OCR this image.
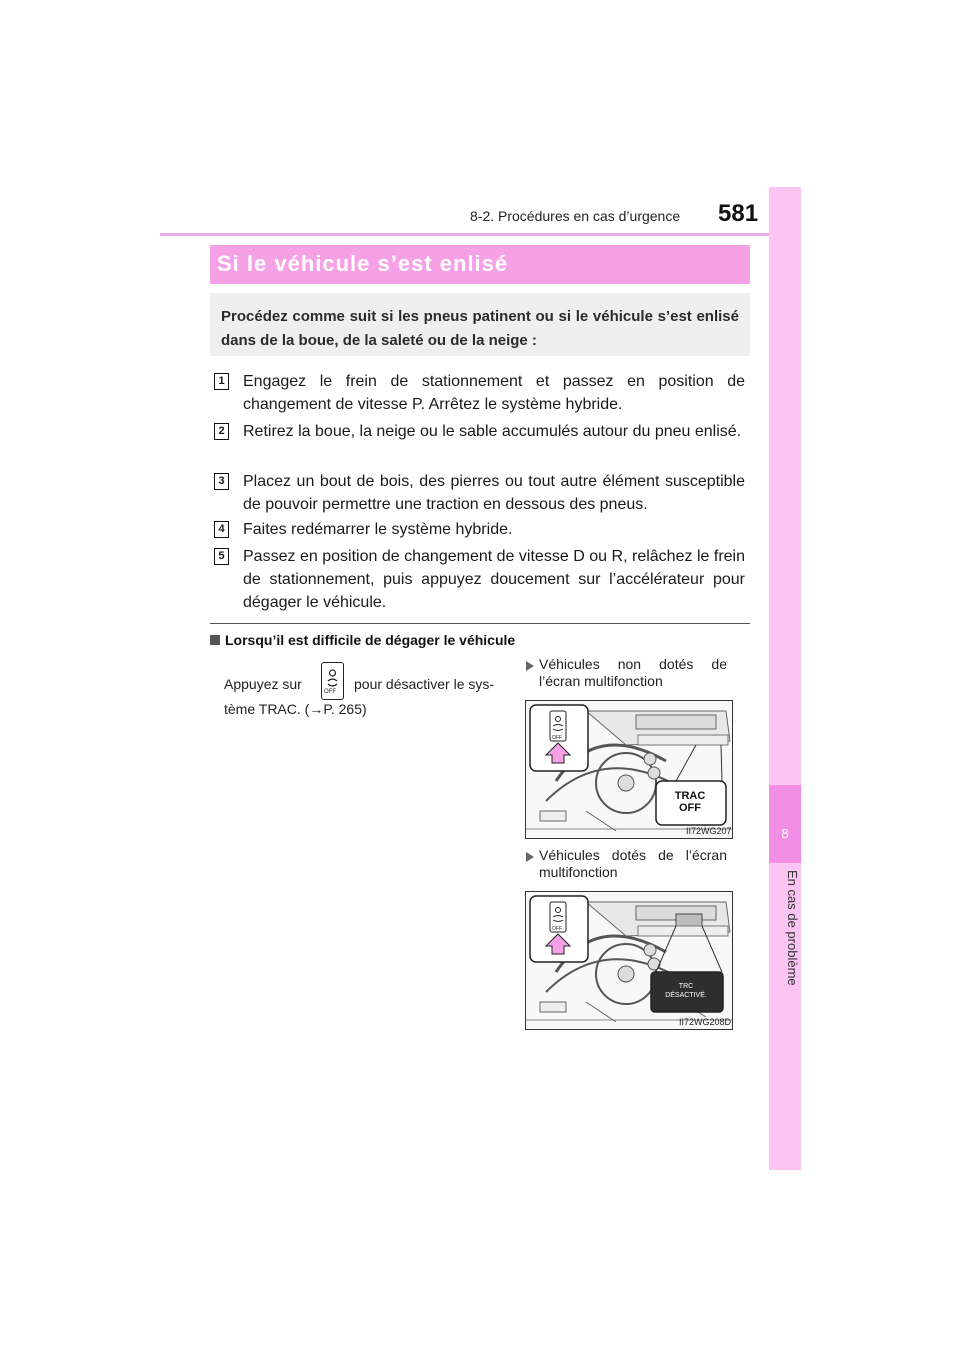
8-2. Procédures en cas d’urgence 581
8
En cas de problème
Si le véhicule s’est enlisé

Procédez comme suit si les pneus patinent ou si le véhicule s’est enlisé dans de la boue, de la saleté ou de la neige :

1 Engagez le frein de stationnement et passez en position de changement de vitesse P. Arrêtez le système hybride.
2 Retirez la boue, la neige ou le sable accumulés autour du pneu enlisé.
3 Placez un bout de bois, des pierres ou tout autre élément susceptible de pouvoir permettre une traction en dessous des pneus.
4 Faites redémarrer le système hybride.
5 Passez en position de changement de vitesse D ou R, relâchez le frein de stationnement, puis appuyez doucement sur l’accélérateur pour dégager le véhicule.
Lorsqu’il est difficile de dégager le véhicule
Appuyez sur	OFF pour désactiver le sys-
tème TRAC. (→P. 265)
Véhicules non dotés de
l’écran multifonction
OFF
TRAC
OFF
II72WG207
Véhicules dotés de l’écran
multifonction
OFF
TRC
DÉSACTIVÉ.
II72WG208D
